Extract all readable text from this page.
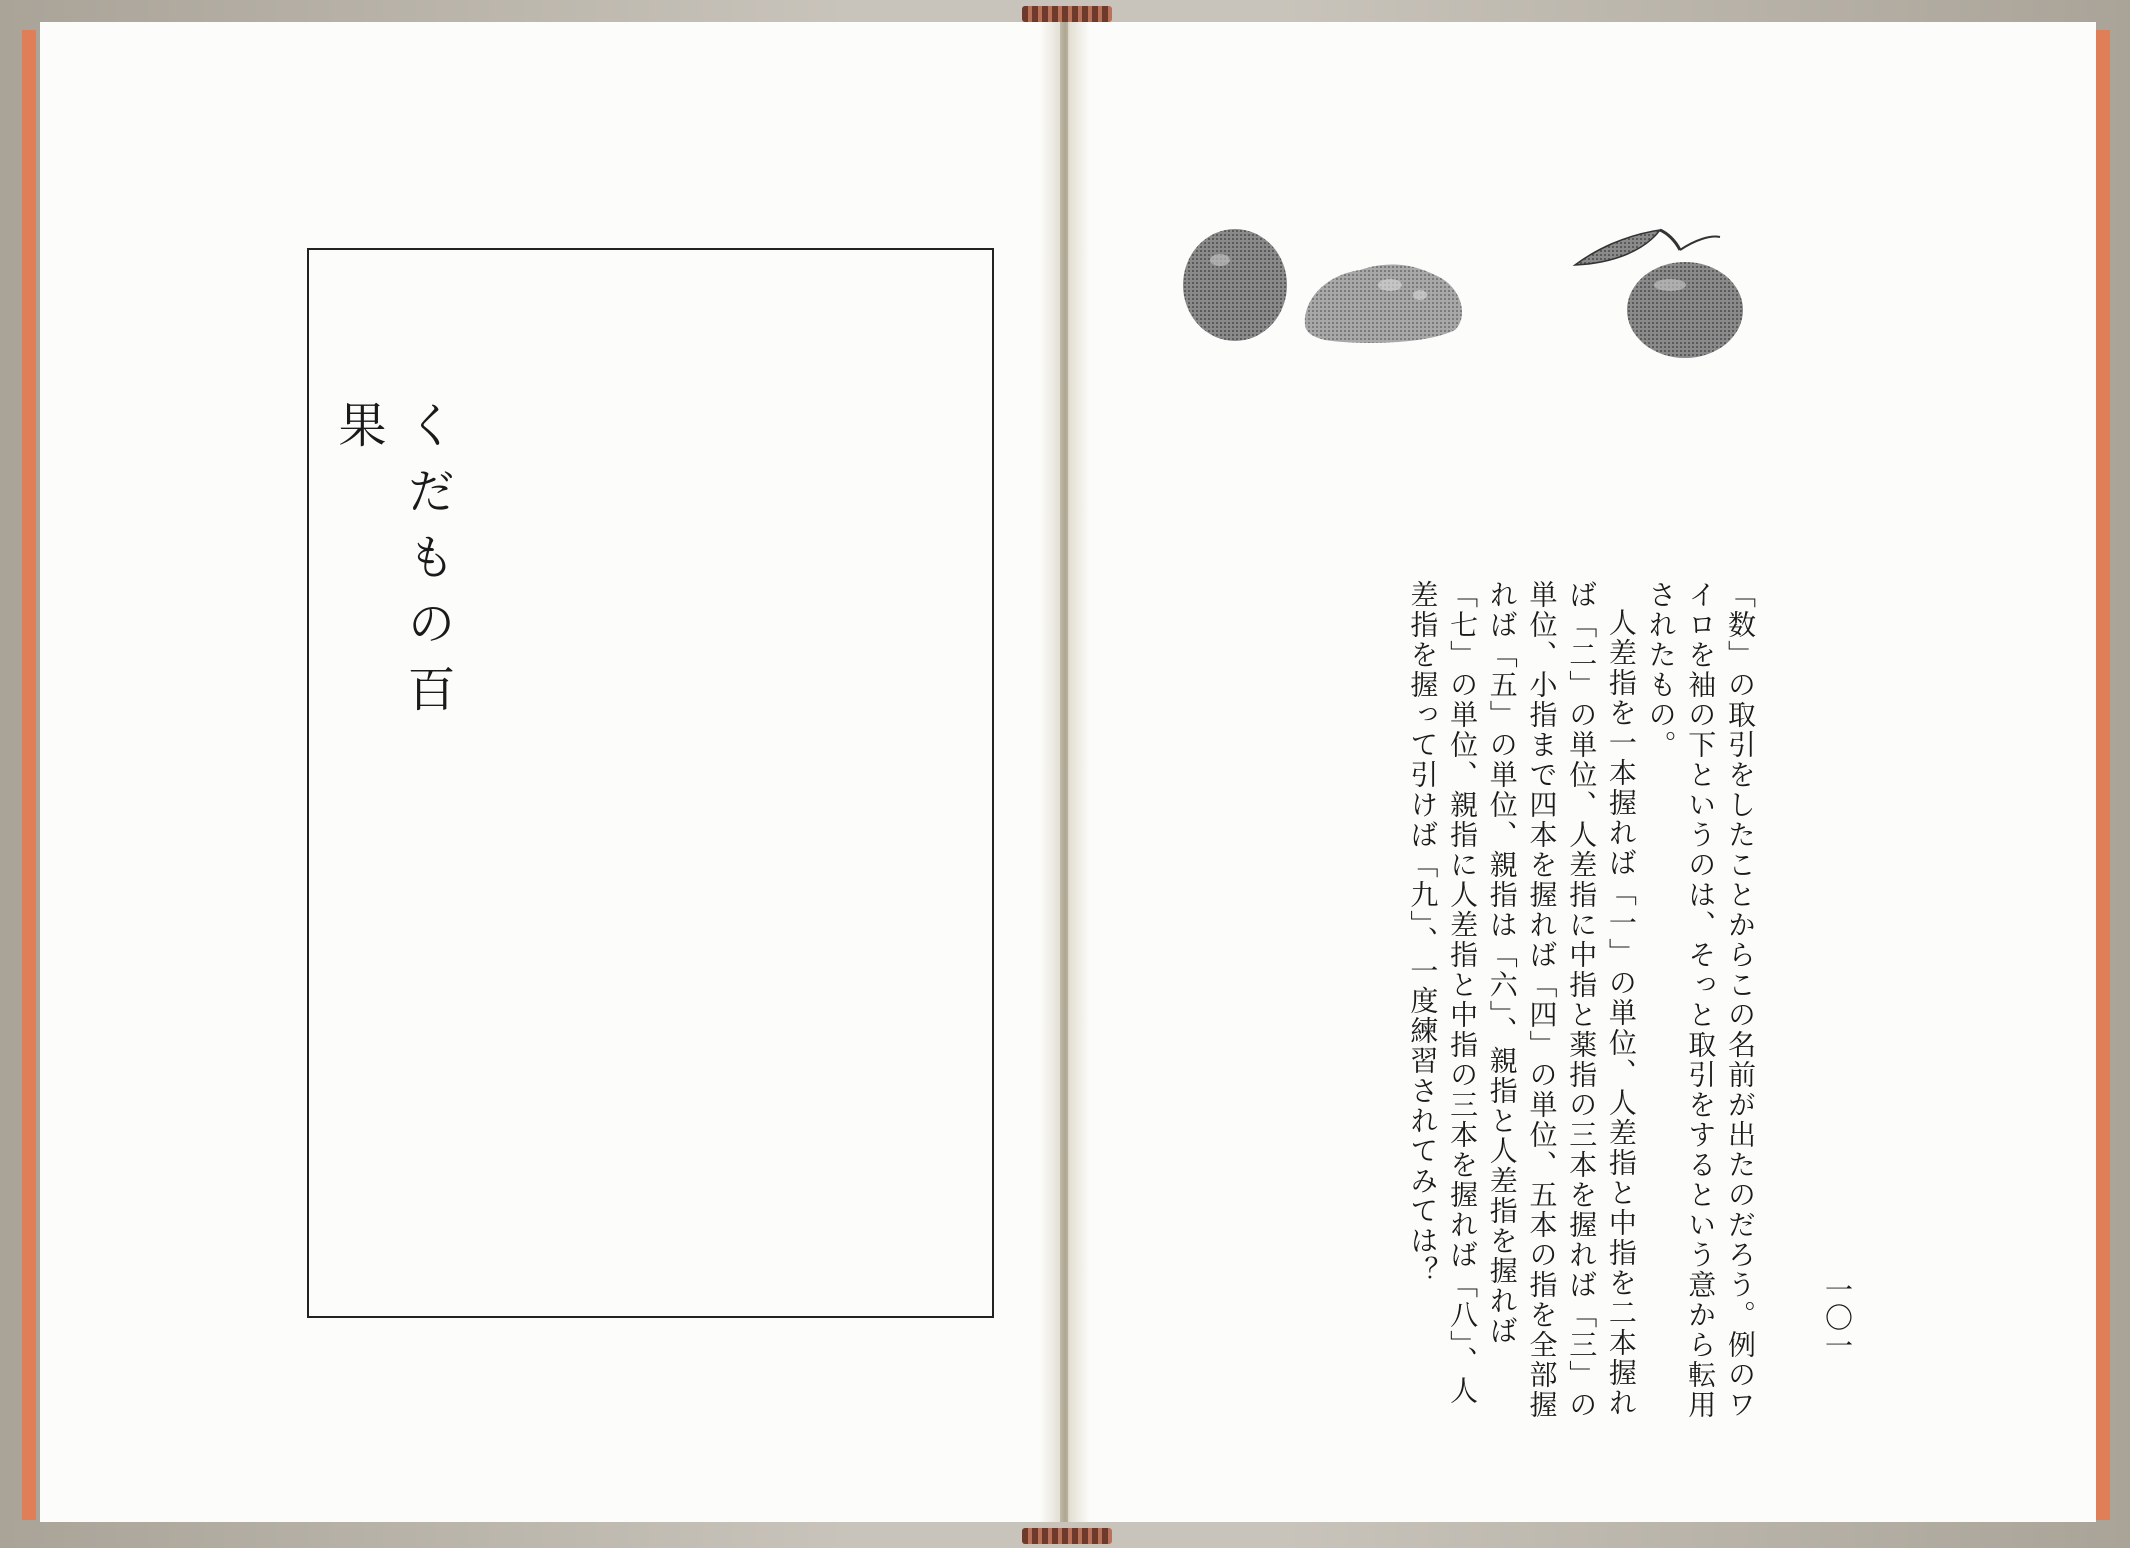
くだもの百果

「数」の取引をしたことからこの名前が出たのだろう。例のワイロを袖の下というのは、そっと取引をするという意から転用されたもの。

人差指を一本握れば「一」の単位、人差指と中指を二本握れば「二」の単位、人差指に中指と薬指の三本を握れば「三」の単位、小指まで四本を握れば「四」の単位、五本の指を全部握れば「五」の単位、親指は「六」、親指と人差指を握れば「七」の単位、親指に人差指と中指の三本を握れば「八」、人差指を握って引けば「九」、一度練習されてみては？

一〇一
